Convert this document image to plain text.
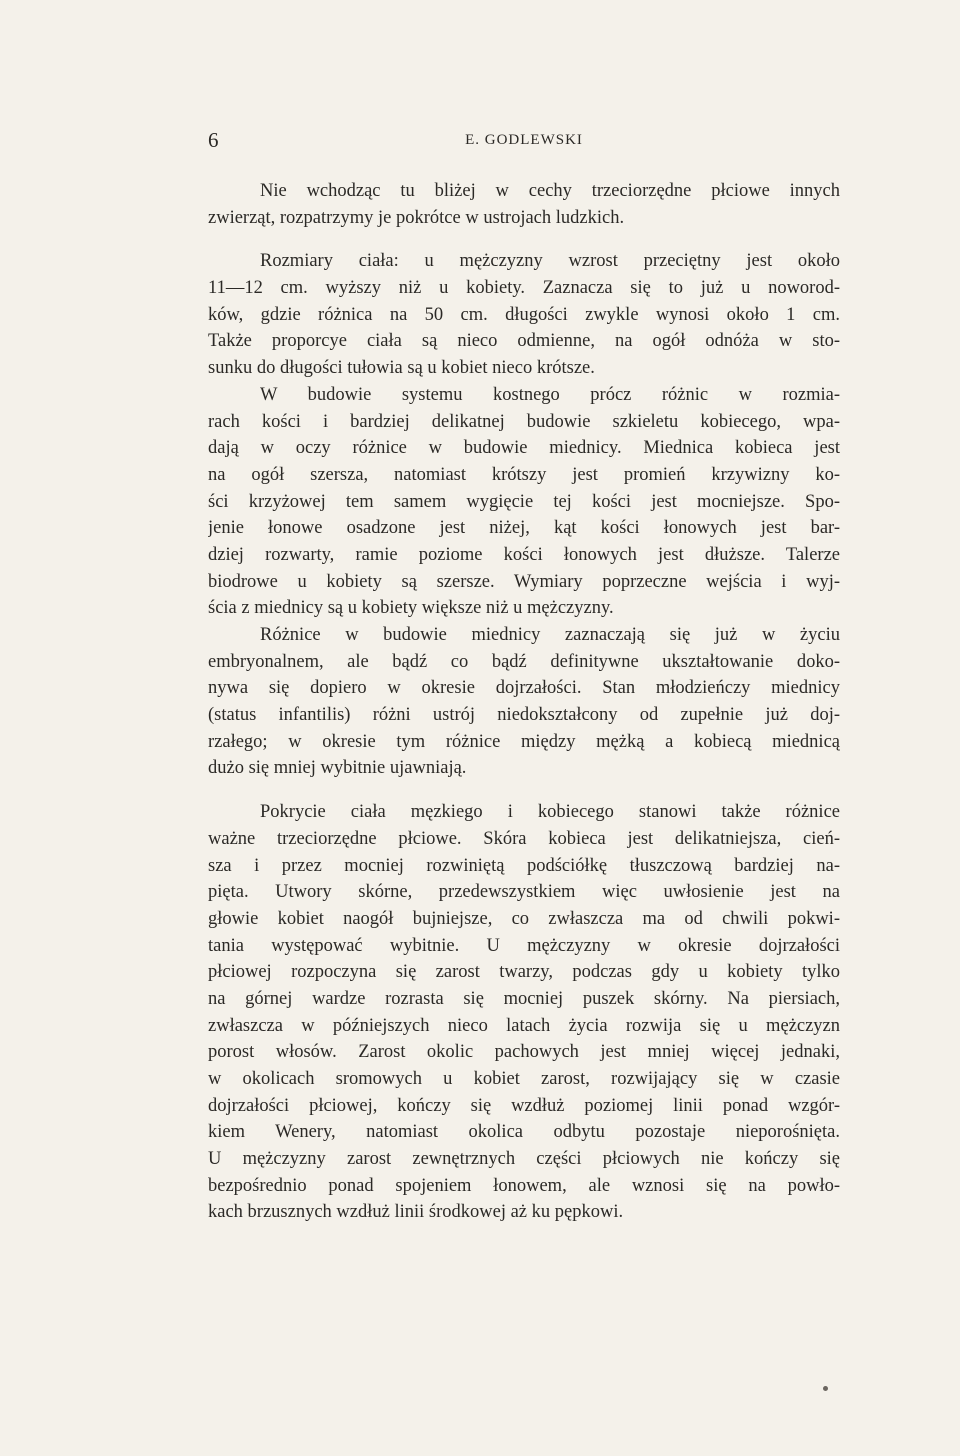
6	E. GODLEWSKI
Nie wchodząc tu bliżej w cechy trzeciorzędne płciowe innych
zwierząt, rozpatrzymy je pokrótce w ustrojach ludzkich.
Rozmiary ciała: u mężczyzny wzrost przeciętny jest około
11—12 cm. wyższy niż u kobiety. Zaznacza się to już u noworod-
ków, gdzie różnica na 50 cm. długości zwykle wynosi około 1 cm.
Także proporcye ciała są nieco odmienne, na ogół odnóża w sto-
sunku do długości tułowia są u kobiet nieco krótsze.
W budowie systemu kostnego prócz różnic w rozmia-
rach kości i bardziej delikatnej budowie szkieletu kobiecego, wpa-
dają w oczy różnice w budowie miednicy. Miednica kobieca jest
na ogół szersza, natomiast krótszy jest promień krzywizny ko-
ści krzyżowej tem samem wygięcie tej kości jest mocniejsze. Spo-
jenie łonowe osadzone jest niżej, kąt kości łonowych jest bar-
dziej rozwarty, ramie poziome kości łonowych jest dłuższe. Talerze
biodrowe u kobiety są szersze. Wymiary poprzeczne wejścia i wyj-
ścia z miednicy są u kobiety większe niż u mężczyzny.
Różnice w budowie miednicy zaznaczają się już w życiu
embryonalnem, ale bądź co bądź definitywne ukształtowanie doko-
nywa się dopiero w okresie dojrzałości. Stan młodzieńczy miednicy
(status infantilis) różni ustrój niedokształcony od zupełnie już doj-
rzałego; w okresie tym różnice między mężką a kobiecą miednicą
dużo się mniej wybitnie ujawniają.
Pokrycie ciała męzkiego i kobiecego stanowi także różnice
ważne trzeciorzędne płciowe. Skóra kobieca jest delikatniejsza, cień-
sza i przez mocniej rozwiniętą podściółkę tłuszczową bardziej na-
pięta. Utwory skórne, przedewszystkiem więc uwłosienie jest na
głowie kobiet naogół bujniejsze, co zwłaszcza ma od chwili pokwi-
tania występować wybitnie. U mężczyzny w okresie dojrzałości
płciowej rozpoczyna się zarost twarzy, podczas gdy u kobiety tylko
na górnej wardze rozrasta się mocniej puszek skórny. Na piersiach,
zwłaszcza w późniejszych nieco latach życia rozwija się u mężczyzn
porost włosów. Zarost okolic pachowych jest mniej więcej jednaki,
w okolicach sromowych u kobiet zarost, rozwijający się w czasie
dojrzałości płciowej, kończy się wzdłuż poziomej linii ponad wzgór-
kiem Wenery, natomiast okolica odbytu pozostaje nieporośnięta.
U mężczyzny zarost zewnętrznych części płciowych nie kończy się
bezpośrednio ponad spojeniem łonowem, ale wznosi się na powło-
kach brzusznych wzdłuż linii środkowej aż ku pępkowi.
